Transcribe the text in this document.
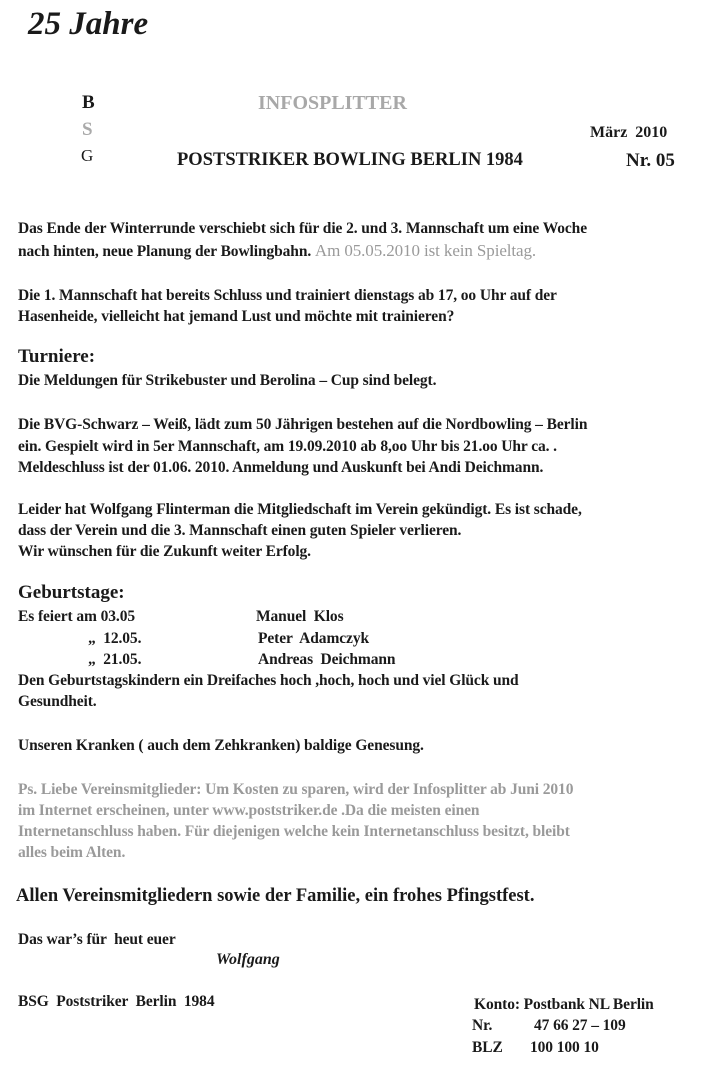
25 Jahre
B
S
G
INFOSPLITTER
März  2010
POSTSTRIKER BOWLING BERLIN 1984	Nr. 05
Das Ende der Winterrunde verschiebt sich für die 2. und 3. Mannschaft um eine Woche
nach hinten, neue Planung der Bowlingbahn. Am 05.05.2010 ist kein Spieltag.
Die 1. Mannschaft hat bereits Schluss und trainiert dienstags ab 17, oo Uhr auf der
Hasenheide, vielleicht hat jemand Lust und möchte mit trainieren?
Turniere:
Die Meldungen für Strikebuster und Berolina – Cup sind belegt.
Die BVG-Schwarz – Weiß, lädt zum 50 Jährigen bestehen auf die Nordbowling – Berlin
ein. Gespielt wird in 5er Mannschaft, am 19.09.2010 ab 8,oo Uhr bis 21.oo Uhr ca. .
Meldeschluss ist der 01.06. 2010. Anmeldung und Auskunft bei Andi Deichmann.
Leider hat Wolfgang Flinterman die Mitgliedschaft im Verein gekündigt. Es ist schade,
dass der Verein und die 3. Mannschaft einen guten Spieler verlieren.
Wir wünschen für die Zukunft weiter Erfolg.
Geburtstage:
Es feiert am 03.05	Manuel  Klos
„  12.05.	Peter  Adamczyk
„  21.05.	Andreas  Deichmann
Den Geburtstagskindern ein Dreifaches hoch ,hoch, hoch und viel Glück und
Gesundheit.
Unseren Kranken ( auch dem Zehkranken) baldige Genesung.
Ps. Liebe Vereinsmitglieder: Um Kosten zu sparen, wird der Infosplitter ab Juni 2010
im Internet erscheinen, unter www.poststriker.de .Da die meisten einen
Internetanschluss haben. Für diejenigen welche kein Internetanschluss besitzt, bleibt
alles beim Alten.
Allen Vereinsmitgliedern sowie der Familie, ein frohes Pfingstfest.
Das war’s für  heut euer
Wolfgang
BSG  Poststriker  Berlin  1984	Konto: Postbank NL Berlin
Nr.	47 66 27 – 109
BLZ 100 100 10
